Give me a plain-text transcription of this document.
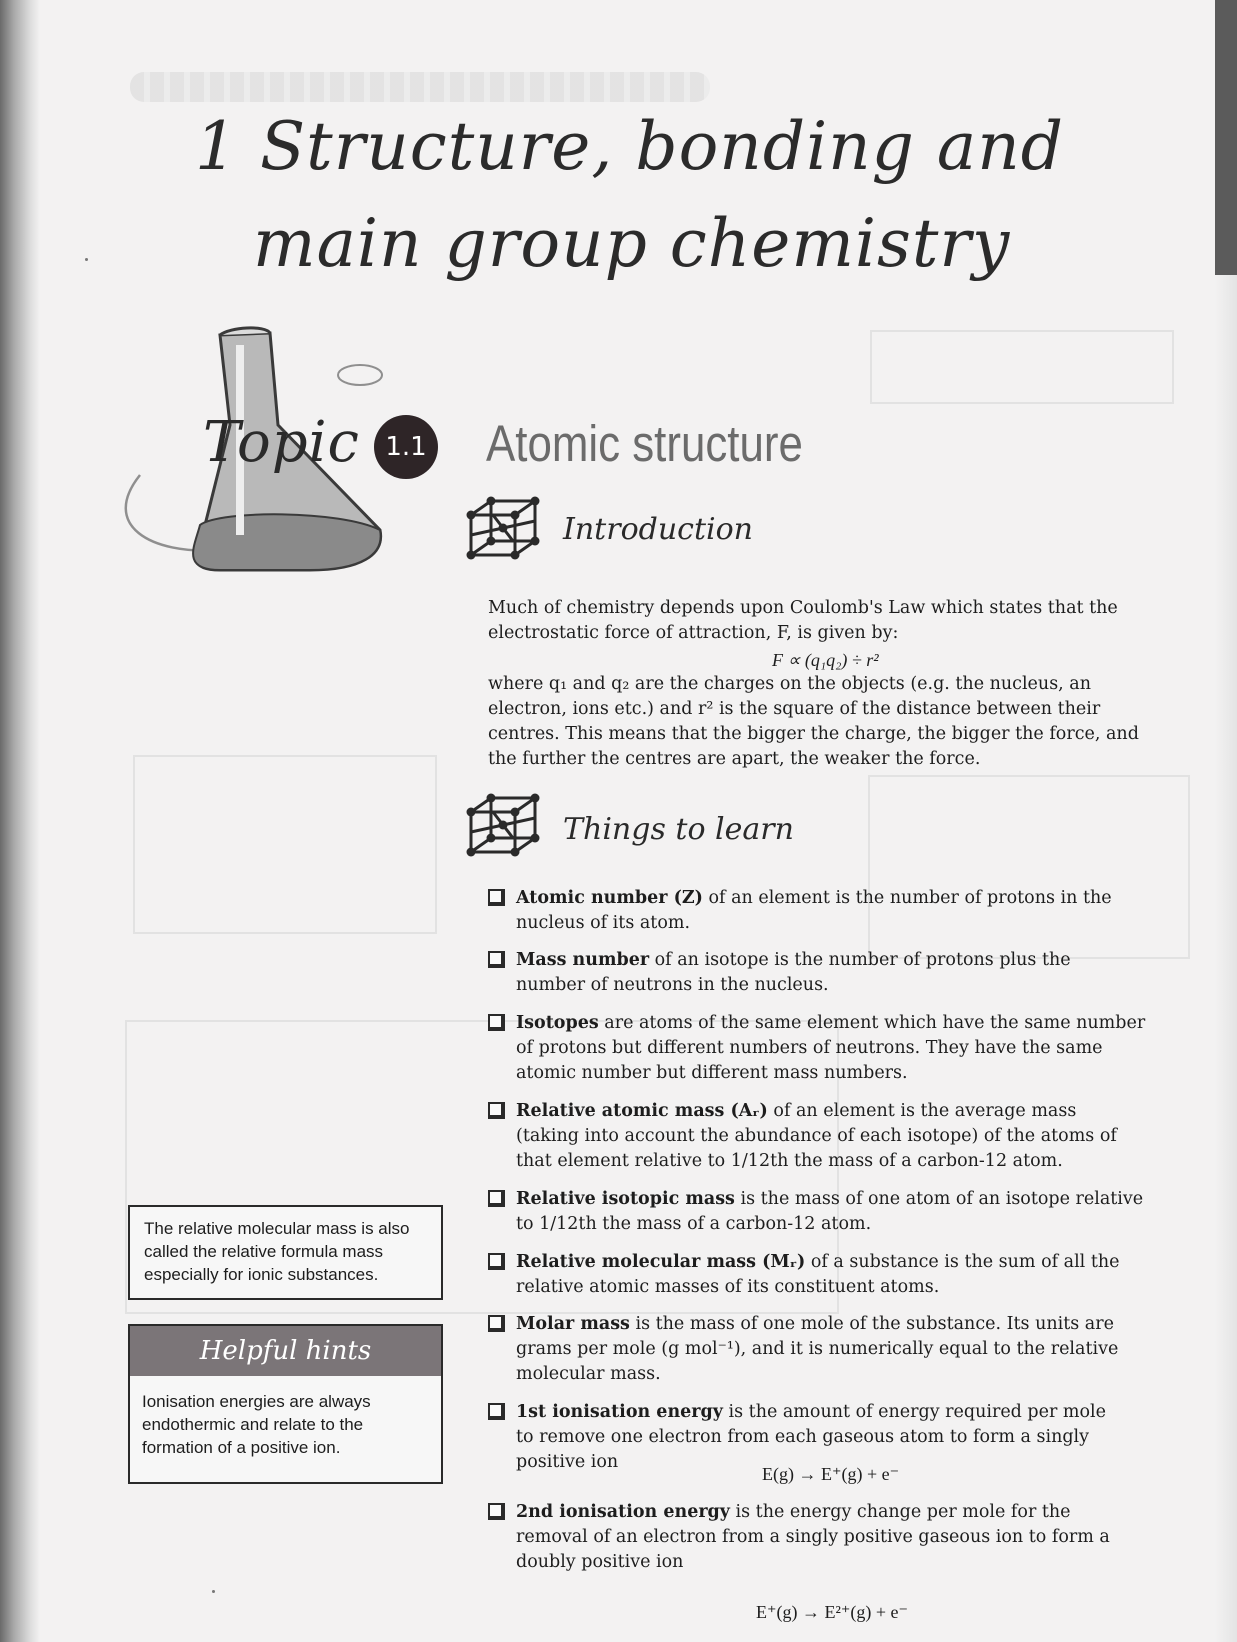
1 Structure, bonding and
main group chemistry
Topic 1.1 Atomic structure
Introduction
Much of chemistry depends upon Coulomb's Law which states that the
electrostatic force of attraction, F, is given by:
F ∝ (q₁q₂) ÷ r²
where q₁ and q₂ are the charges on the objects (e.g. the nucleus, an
electron, ions etc.) and r² is the square of the distance between their
centres. This means that the bigger the charge, the bigger the force, and
the further the centres are apart, the weaker the force.
Things to learn
Atomic number (Z) of an element is the number of protons in the
nucleus of its atom.
Mass number of an isotope is the number of protons plus the
number of neutrons in the nucleus.
Isotopes are atoms of the same element which have the same number
of protons but different numbers of neutrons. They have the same
atomic number but different mass numbers.
Relative atomic mass (Aᵣ) of an element is the average mass
(taking into account the abundance of each isotope) of the atoms of
that element relative to 1/12th the mass of a carbon-12 atom.
Relative isotopic mass is the mass of one atom of an isotope relative
to 1/12th the mass of a carbon-12 atom.
Relative molecular mass (Mᵣ) of a substance is the sum of all the
relative atomic masses of its constituent atoms.
Molar mass is the mass of one mole of the substance. Its units are
grams per mole (g mol⁻¹), and it is numerically equal to the relative
molecular mass.
1st ionisation energy is the amount of energy required per mole
to remove one electron from each gaseous atom to form a singly
positive ion
E(g) → E⁺(g) + e⁻
2nd ionisation energy is the energy change per mole for the
removal of an electron from a singly positive gaseous ion to form a
doubly positive ion
E⁺(g) → E²⁺(g) + e⁻
The relative molecular mass is also
called the relative formula mass
especially for ionic substances.
Helpful hints
Ionisation energies are always
endothermic and relate to the
formation of a positive ion.
